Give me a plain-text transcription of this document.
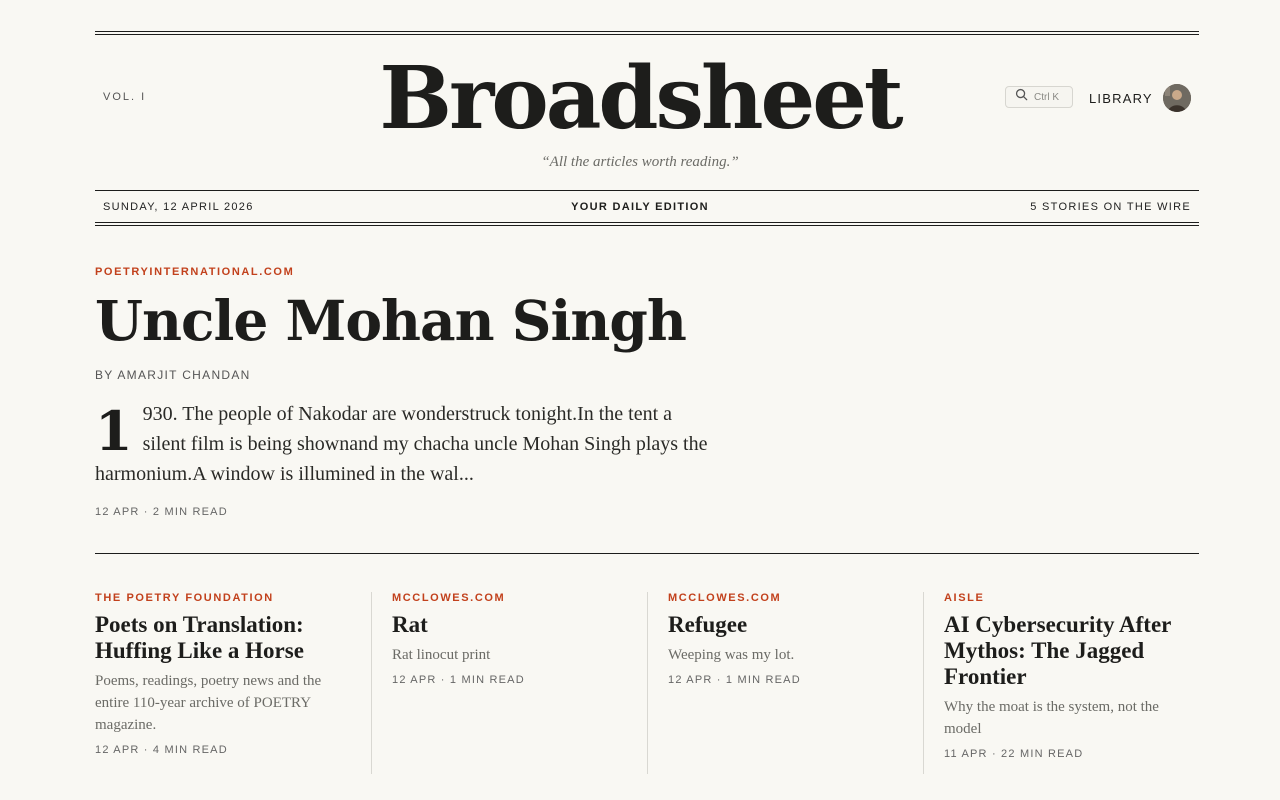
VOL. I	Broadsheet
“All the articles worth reading.”
Ctrl K LIBRARY
SUNDAY, 12 APRIL 2026	YOUR DAILY EDITION	5 STORIES ON THE WIRE
POETRYINTERNATIONAL.COM
Uncle Mohan Singh
BY AMARJIT CHANDAN

1 930. The people of Nakodar are wonderstruck tonight.In the tent a silent film is being shownand my chacha uncle Mohan Singh plays the harmonium.A window is illumined in the wal...

12 APR · 2 MIN READ
THE POETRY FOUNDATION
Poets on Translation: Huffing Like a Horse
Poems, readings, poetry news and the entire 110-year archive of POETRY magazine.
12 APR · 4 MIN READ
MCCLOWES.COM
Rat
Rat linocut print
12 APR · 1 MIN READ
MCCLOWES.COM
Refugee
Weeping was my lot.
12 APR · 1 MIN READ
AISLE
AI Cybersecurity After Mythos: The Jagged Frontier
Why the moat is the system, not the model
11 APR · 22 MIN READ
